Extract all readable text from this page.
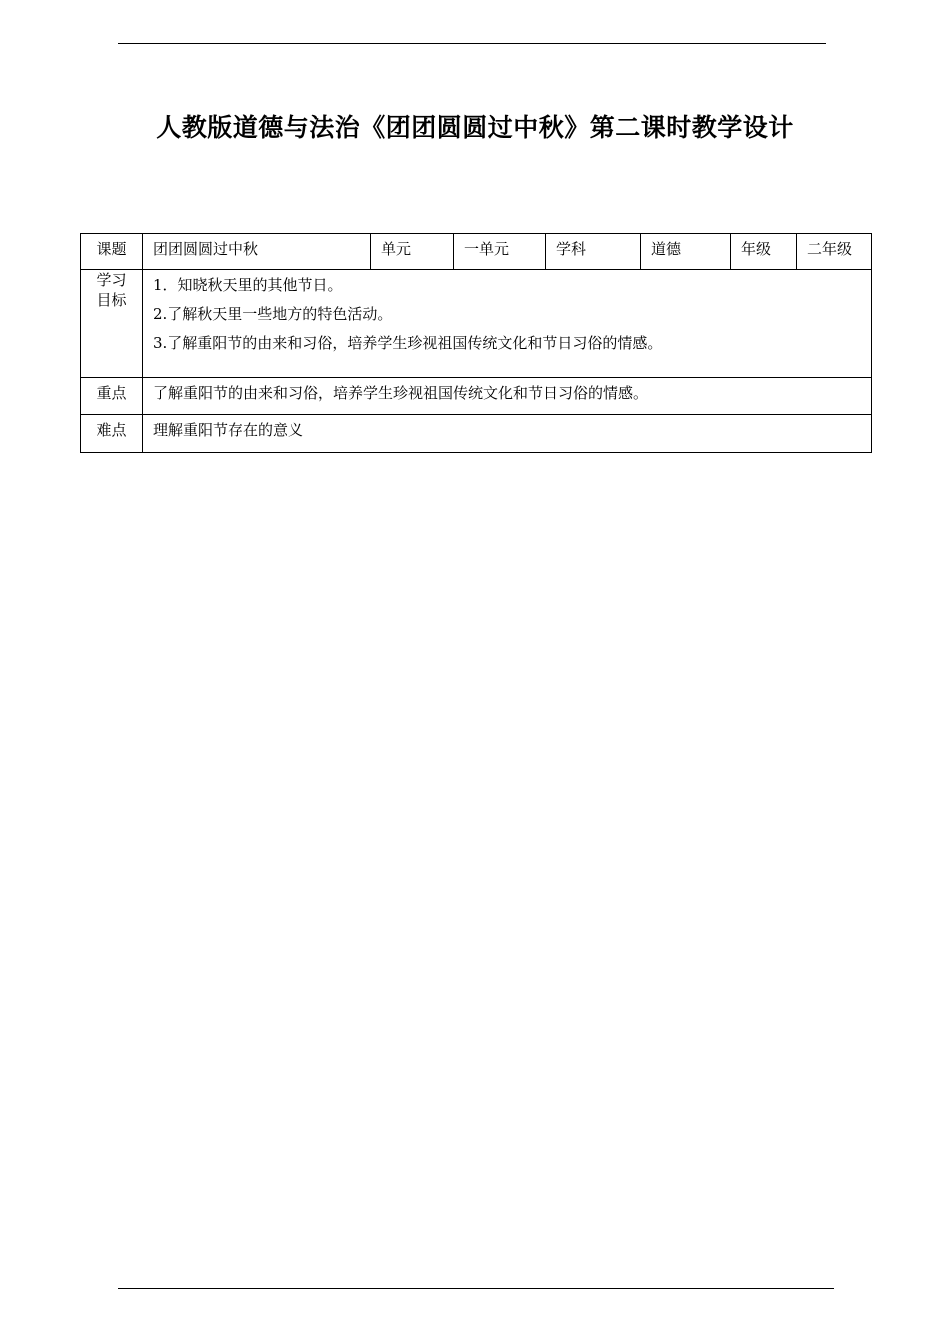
人教版道德与法治《团团圆圆过中秋》第二课时教学设计
课题	团团圆圆过中秋	单元	一单元	学科	道德	年级	二年级
学习
目标	1．知晓秋天里的其他节日。
2.了解秋天里一些地方的特色活动。
3.了解重阳节的由来和习俗，培养学生珍视祖国传统文化和节日习俗的情感。						

重点	了解重阳节的由来和习俗，培养学生珍视祖国传统文化和节日习俗的情感。						
难点	理解重阳节存在的意义						
